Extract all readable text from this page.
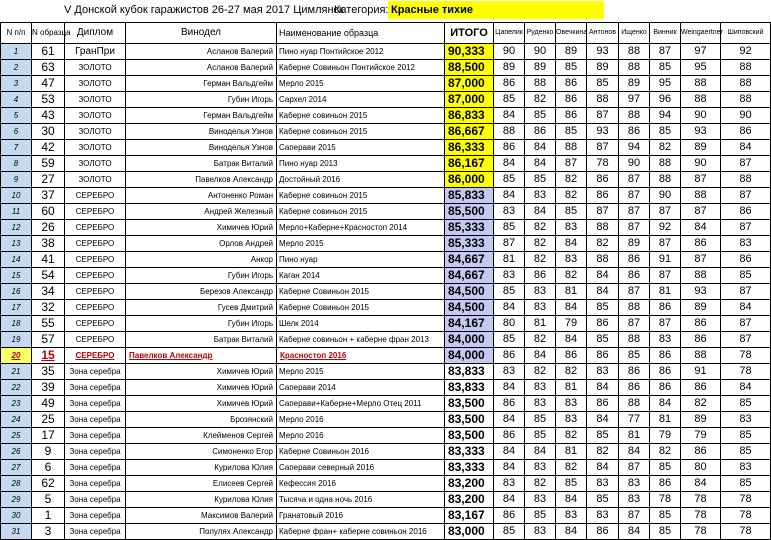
V Донской кубок гаражистов 26-27 мая 2017 Цимлянск
Категория: Красные тихие
N п/п	N образца	Диплом	Винодел	Наименование образца	ИТОГО	Цапелик	Руденко	Овечкина	Антонов	Ищенко	Винник	Weingaertner	Шиповский
1	61	ГранПри	Асланов Валерий	Пино нуар Понтийское 2012	90,333	90	90	89	93	88	87	97	92
2	63	ЗОЛОТО	Асланов Валерий	Каберне Совиньон Понтийское 2012	88,500	89	89	85	89	88	85	95	88
3	47	ЗОЛОТО	Герман Вальдгейм	Мерло 2015	87,000	86	88	86	85	89	95	88	88
4	53	ЗОЛОТО	Губин Игорь	Сархел 2014	87,000	85	82	86	88	97	96	88	88
5	43	ЗОЛОТО	Герман Вальдгейм	Каберне совиньон 2015	86,833	84	85	86	87	88	94	90	90
6	30	ЗОЛОТО	Виноделья Узнов	Каберне совиньон 2015	86,667	88	86	85	93	86	85	93	86
7	42	ЗОЛОТО	Виноделья Узнов	Саперави 2015	86,333	86	84	88	87	94	82	89	84
8	59	ЗОЛОТО	Батрак Виталий	Пино нуар 2013	86,167	84	84	87	78	90	88	90	87
9	27	ЗОЛОТО	Павелков Александр	Достойный 2016	86,000	85	85	82	86	87	88	87	88
10	37	СЕРЕБРО	Антоненко Роман	Каберне совиньон 2015	85,833	84	83	82	86	87	90	88	87
11	60	СЕРЕБРО	Андрей Железный	Каберне совиньон 2015	85,500	83	84	85	87	87	87	87	86
12	26	СЕРЕБРО	Химичев Юрий	Мерло+Каберне+Красностоп 2014	85,333	85	82	83	88	87	92	84	87
13	38	СЕРЕБРО	Орлов Андрей	Мерло 2015	85,333	87	82	84	82	89	87	86	83
14	41	СЕРЕБРО	Анкор	Пино нуар	84,667	81	82	83	88	86	91	87	86
15	54	СЕРЕБРО	Губин Игорь	Каган 2014	84,667	83	86	82	84	86	87	88	85
16	34	СЕРЕБРО	Березов Александр	Каберне Совиньон 2015	84,500	85	83	81	84	87	81	93	87
17	32	СЕРЕБРО	Гусев Дмитрий	Каберне Совиньон 2015	84,500	84	83	84	85	88	86	89	84
18	55	СЕРЕБРО	Губин Игорь	Шелк 2014	84,167	80	81	79	86	87	87	86	87
19	57	СЕРЕБРО	Батрак Виталий	Каберне совиньон + каберне фран 2013	84,000	85	82	84	85	88	83	86	87
20	15	СЕРЕБРО	Павелков Александр	Красностоп 2016	84,000	86	84	86	86	85	86	88	78
21	35	Зона серебра	Химичев Юрий	Мерло 2015	83,833	83	82	82	83	86	86	91	78
22	39	Зона серебра	Химичев Юрий	Саперави 2014	83,833	84	83	81	84	86	86	86	84
23	49	Зона серебра	Химичев Юрий	Саперави+Каберне+Мерло Отец 2011	83,500	86	83	83	86	88	84	82	85
24	25	Зона серебра	Брозянский	Мерло 2016	83,500	84	85	83	84	77	81	89	83
25	17	Зона серебра	Клейменов Сергей	Мерло 2016	83,500	86	85	82	85	81	79	79	85
26	9	Зона серебра	Симоненко Егор	Каберне Совиньон 2016	83,333	84	84	81	82	84	82	86	85
27	6	Зона серебра	Курилова Юлия	Саперави северный 2016	83,333	84	83	82	84	87	85	80	83
28	62	Зона серебра	Елисеев Сергей	Кефессия 2016	83,200	83	82	85	83	83	86	84	85
29	5	Зона серебра	Курилова Юлия	Тысяча и одна ночь 2016	83,200	84	83	84	85	83	78	78	78
30	1	Зона серебра	Максимов Валерий	Гранатовый 2016	83,167	86	85	83	83	87	85	78	78
31	3	Зона серебра	Полулях Александр	Каберне фран+ каберне совиньон 2016	83,000	85	83	84	86	84	85	78	78
